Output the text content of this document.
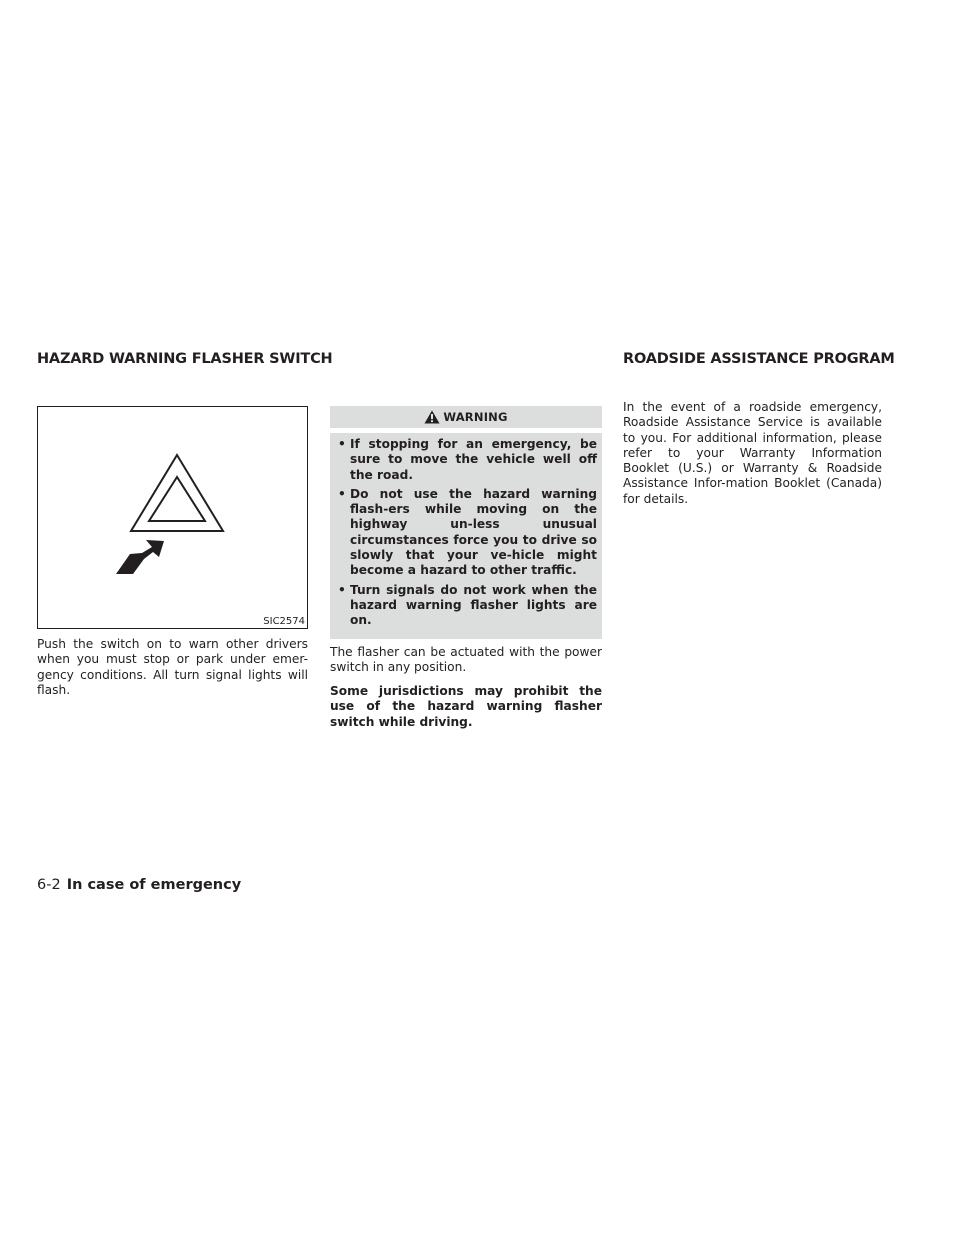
HAZARD WARNING FLASHER SWITCH	ROADSIDE ASSISTANCE PROGRAM
SIC2574

Push the switch on to warn other drivers when you must stop or park under emer-gency conditions. All turn signal lights will flash.

WARNING
• If stopping for an emergency, be sure to move the vehicle well off the road.
• Do not use the hazard warning flash-ers while moving on the highway un-less unusual circumstances force you to drive so slowly that your ve-hicle might become a hazard to other traffic.
• Turn signals do not work when the hazard warning flasher lights are on.

The flasher can be actuated with the power switch in any position.

Some jurisdictions may prohibit the use of the hazard warning flasher switch while driving.

In the event of a roadside emergency, Roadside Assistance Service is available to you. For additional information, please refer to your Warranty Information Booklet (U.S.) or Warranty & Roadside Assistance Infor-mation Booklet (Canada) for details.

6-2 In case of emergency
